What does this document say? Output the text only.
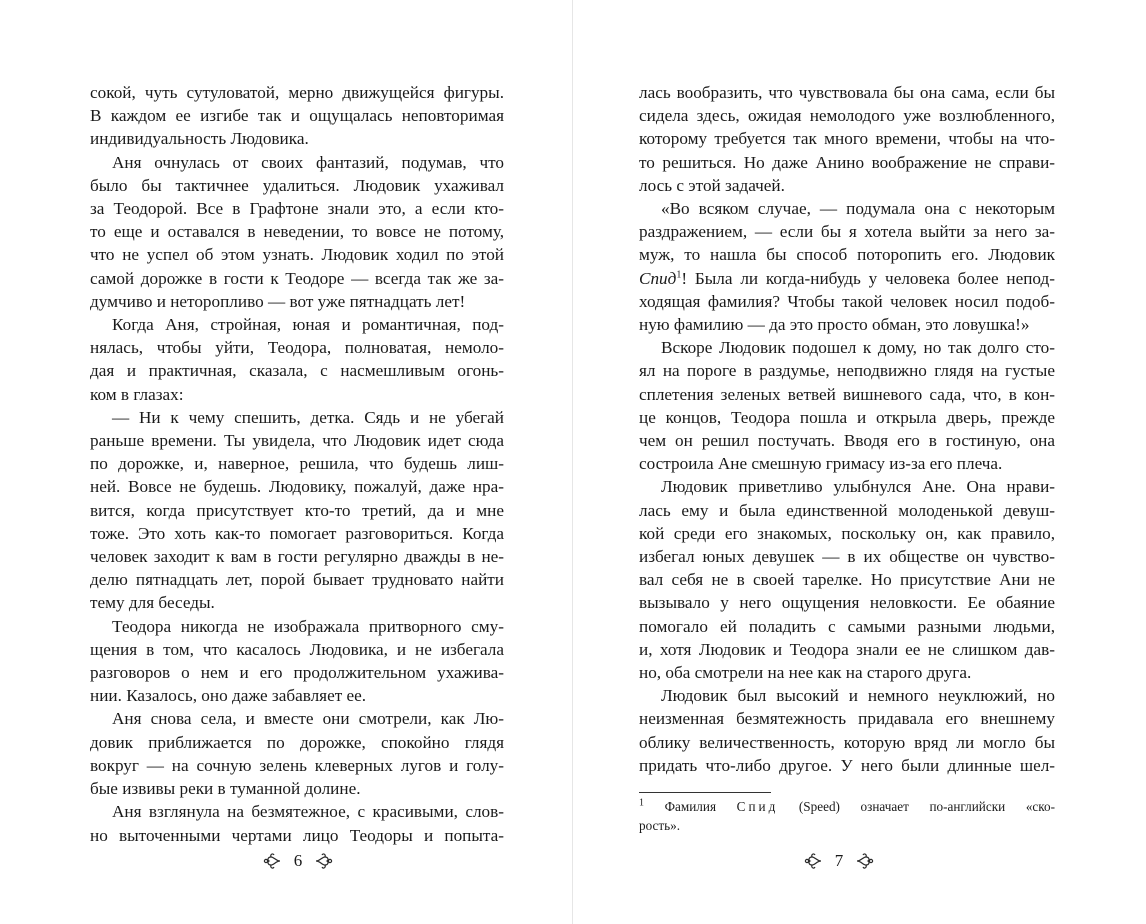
сокой, чуть сутуловатой, мерно движущейся фигуры.
В каждом ее изгибе так и ощущалась неповторимая
индивидуальность Людовика.
Аня очнулась от своих фантазий, подумав, что
было бы тактичнее удалиться. Людовик ухаживал
за Теодорой. Все в Графтоне знали это, а если кто-
то еще и оставался в неведении, то вовсе не потому,
что не успел об этом узнать. Людовик ходил по этой
самой дорожке в гости к Теодоре — всегда так же за-
думчиво и неторопливо — вот уже пятнадцать лет!
Когда Аня, стройная, юная и романтичная, под-
нялась, чтобы уйти, Теодора, полноватая, немоло-
дая и практичная, сказала, с насмешливым огонь-
ком в глазах:
— Ни к чему спешить, детка. Сядь и не убегай
раньше времени. Ты увидела, что Людовик идет сюда
по дорожке, и, наверное, решила, что будешь лиш-
ней. Вовсе не будешь. Людовику, пожалуй, даже нра-
вится, когда присутствует кто-то третий, да и мне
тоже. Это хоть как-то помогает разговориться. Когда
человек заходит к вам в гости регулярно дважды в не-
делю пятнадцать лет, порой бывает трудновато найти
тему для беседы.
Теодора никогда не изображала притворного сму-
щения в том, что касалось Людовика, и не избегала
разговоров о нем и его продолжительном ухажива-
нии. Казалось, оно даже забавляет ее.
Аня снова села, и вместе они смотрели, как Лю-
довик приближается по дорожке, спокойно глядя
вокруг — на сочную зелень клеверных лугов и голу-
бые извивы реки в туманной долине.
Аня взглянула на безмятежное, с красивыми, слов-
но выточенными чертами лицо Теодоры и попыта-
6
лась вообразить, что чувствовала бы она сама, если бы
сидела здесь, ожидая немолодого уже возлюбленного,
которому требуется так много времени, чтобы на что-
то решиться. Но даже Анино воображение не справи-
лось с этой задачей.
«Во всяком случае, — подумала она с некоторым
раздражением, — если бы я хотела выйти за него за-
муж, то нашла бы способ поторопить его. Людовик
Спид$^1$! Была ли когда-нибудь у человека более непод-
ходящая фамилия? Чтобы такой человек носил подоб-
ную фамилию — да это просто обман, это ловушка!»
Вскоре Людовик подошел к дому, но так долго сто-
ял на пороге в раздумье, неподвижно глядя на густые
сплетения зеленых ветвей вишневого сада, что, в кон-
це концов, Теодора пошла и открыла дверь, прежде
чем он решил постучать. Вводя его в гостиную, она
состроила Ане смешную гримасу из-за его плеча.
Людовик приветливо улыбнулся Ане. Она нрави-
лась ему и была единственной молоденькой девуш-
кой среди его знакомых, поскольку он, как правило,
избегал юных девушек — в их обществе он чувство-
вал себя не в своей тарелке. Но присутствие Ани не
вызывало у него ощущения неловкости. Ее обаяние
помогало ей поладить с самыми разными людьми,
и, хотя Людовик и Теодора знали ее не слишком дав-
но, оба смотрели на нее как на старого друга.
Людовик был высокий и немного неуклюжий, но
неизменная безмятежность придавала его внешнему
облику величественность, которую вряд ли могло бы
придать что-либо другое. У него были длинные шел-
$^1$ Фамилия Спид (Speed) означает по-английски «ско-
рость».
7
